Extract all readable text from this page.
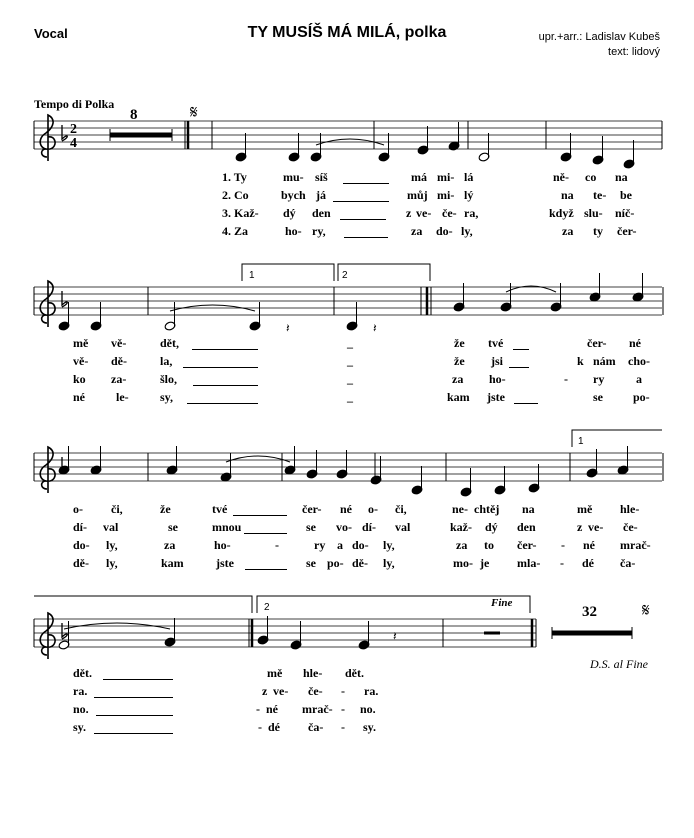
Vocal	TY MUSÍŠ MÁ MILÁ, polka	upr.+arr.: Ladislav Kubeš
text: lidový
Tempo di Polka
2
4
𝄋
𝄋
𝄽	𝄽
𝄽
8
32
1	2
1
2	Fine
D.S. al Fine
1. Ty	mu- síš	má mi- lá	ně- co na
2. Co	bych já	můj mi- lý	na te- be
3. Kaž- dý den	z ve- če- ra,	když slu- níč-
4. Za	ho- ry,	za do- ly,	za ty čer-
mě vě-	dět,	_	že tvé	čer- né
vě- dě-	la,	_	že jsi	k nám cho-
ko za-	šlo,	_	za ho-	- ry	a
né	le-	sy,	_	kam jste	se	po-
o- či,	že	tvé	čer- né o- či,	ne- chtěj na	mě hle-
dí- val	se	mnou	se vo- dí- val	kaž- dý den	z ve- če-
do- ly,	za	ho-	-	ry a do- ly,	za to čer- - né mrač-
dě- ly,	kam	jste	se po- dě- ly,	mo- je mla- - dé ča-
dět.	mě hle- dět.
ra.	z ve- če- - ra.
no.	- né mrač- - no.
sy.	- dé ča- - sy.
